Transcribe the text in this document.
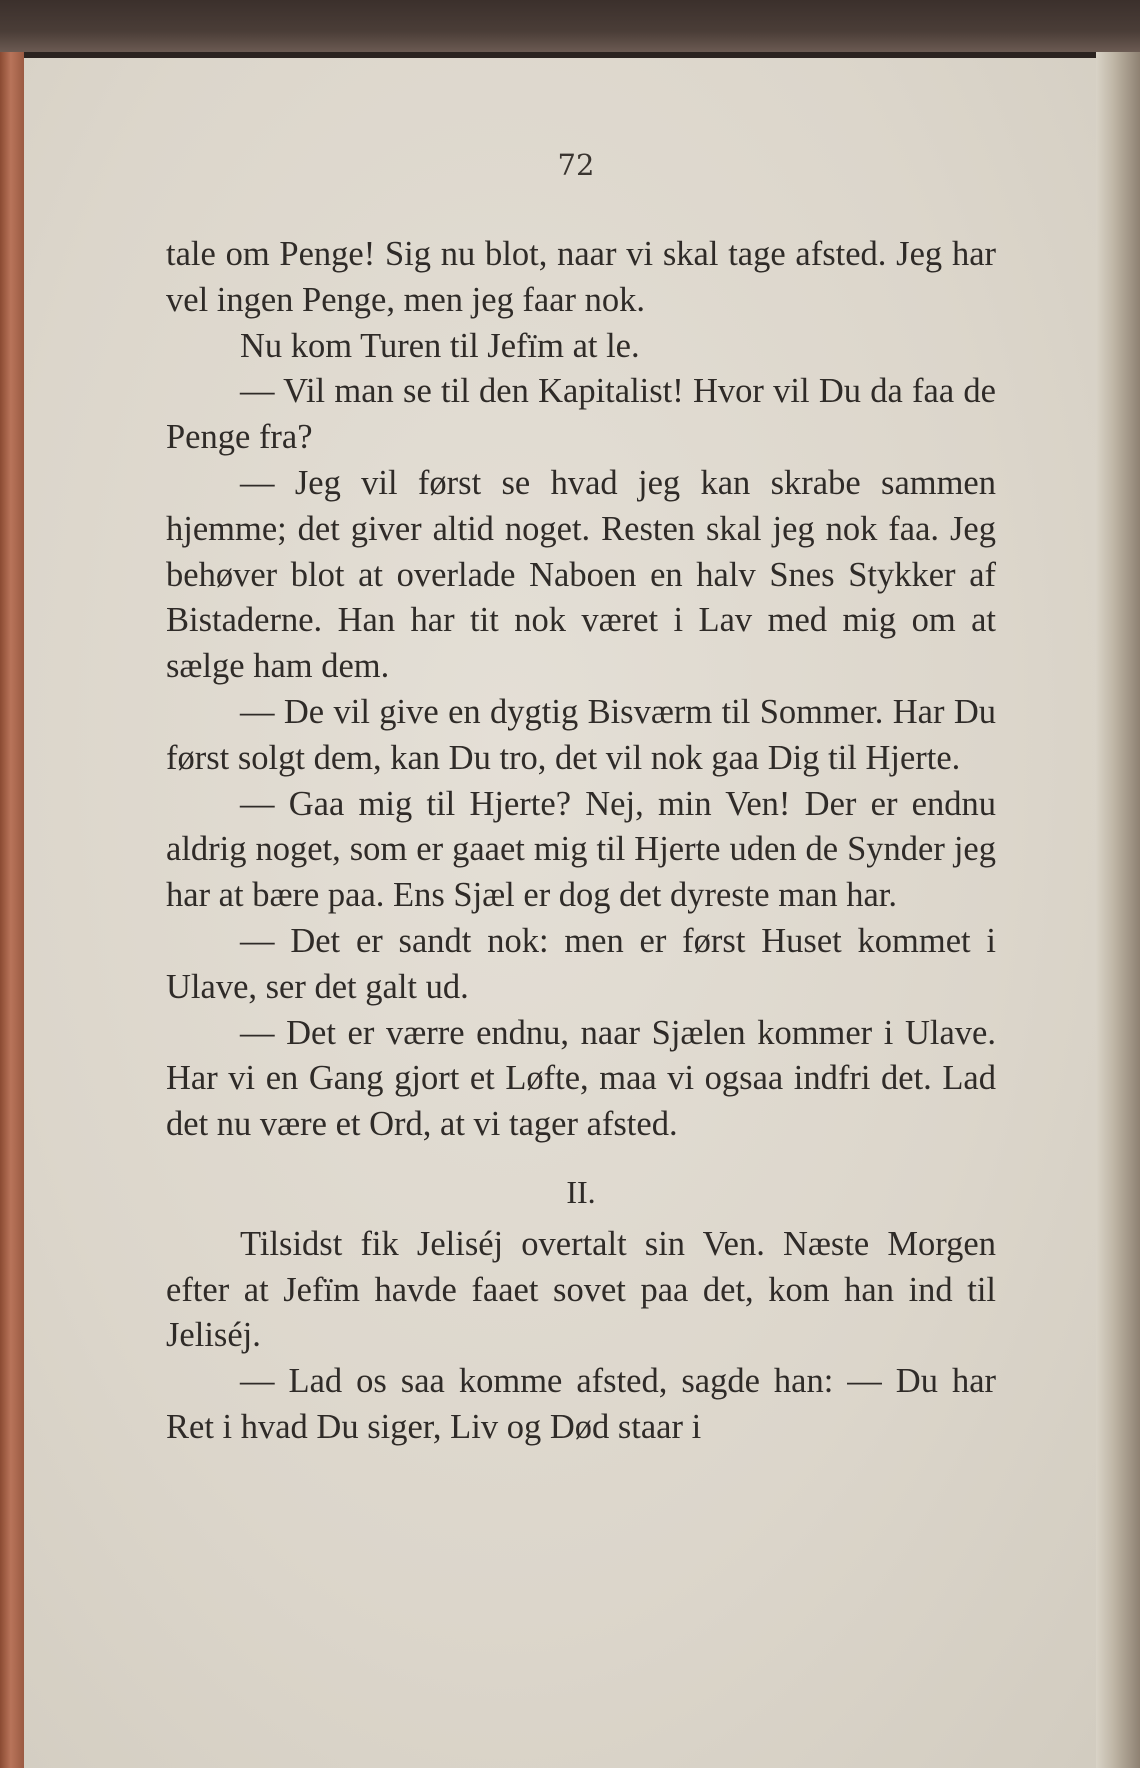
72

tale om Penge! Sig nu blot, naar vi skal tage afsted. Jeg har vel ingen Penge, men jeg faar nok.

Nu kom Turen til Jefïm at le.

— Vil man se til den Kapitalist! Hvor vil Du da faa de Penge fra?

— Jeg vil først se hvad jeg kan skrabe sammen hjemme; det giver altid noget. Resten skal jeg nok faa. Jeg behøver blot at overlade Naboen en halv Snes Stykker af Bistaderne. Han har tit nok været i Lav med mig om at sælge ham dem.

— De vil give en dygtig Bisværm til Sommer. Har Du først solgt dem, kan Du tro, det vil nok gaa Dig til Hjerte.

— Gaa mig til Hjerte? Nej, min Ven! Der er endnu aldrig noget, som er gaaet mig til Hjerte uden de Synder jeg har at bære paa. Ens Sjæl er dog det dyreste man har.

— Det er sandt nok: men er først Huset kommet i Ulave, ser det galt ud.

— Det er værre endnu, naar Sjælen kommer i Ulave. Har vi en Gang gjort et Løfte, maa vi ogsaa indfri det. Lad det nu være et Ord, at vi tager afsted.

II.

Tilsidst fik Jeliséj overtalt sin Ven. Næste Morgen efter at Jefïm havde faaet sovet paa det, kom han ind til Jeliséj.

— Lad os saa komme afsted, sagde han: — Du har Ret i hvad Du siger, Liv og Død staar i
